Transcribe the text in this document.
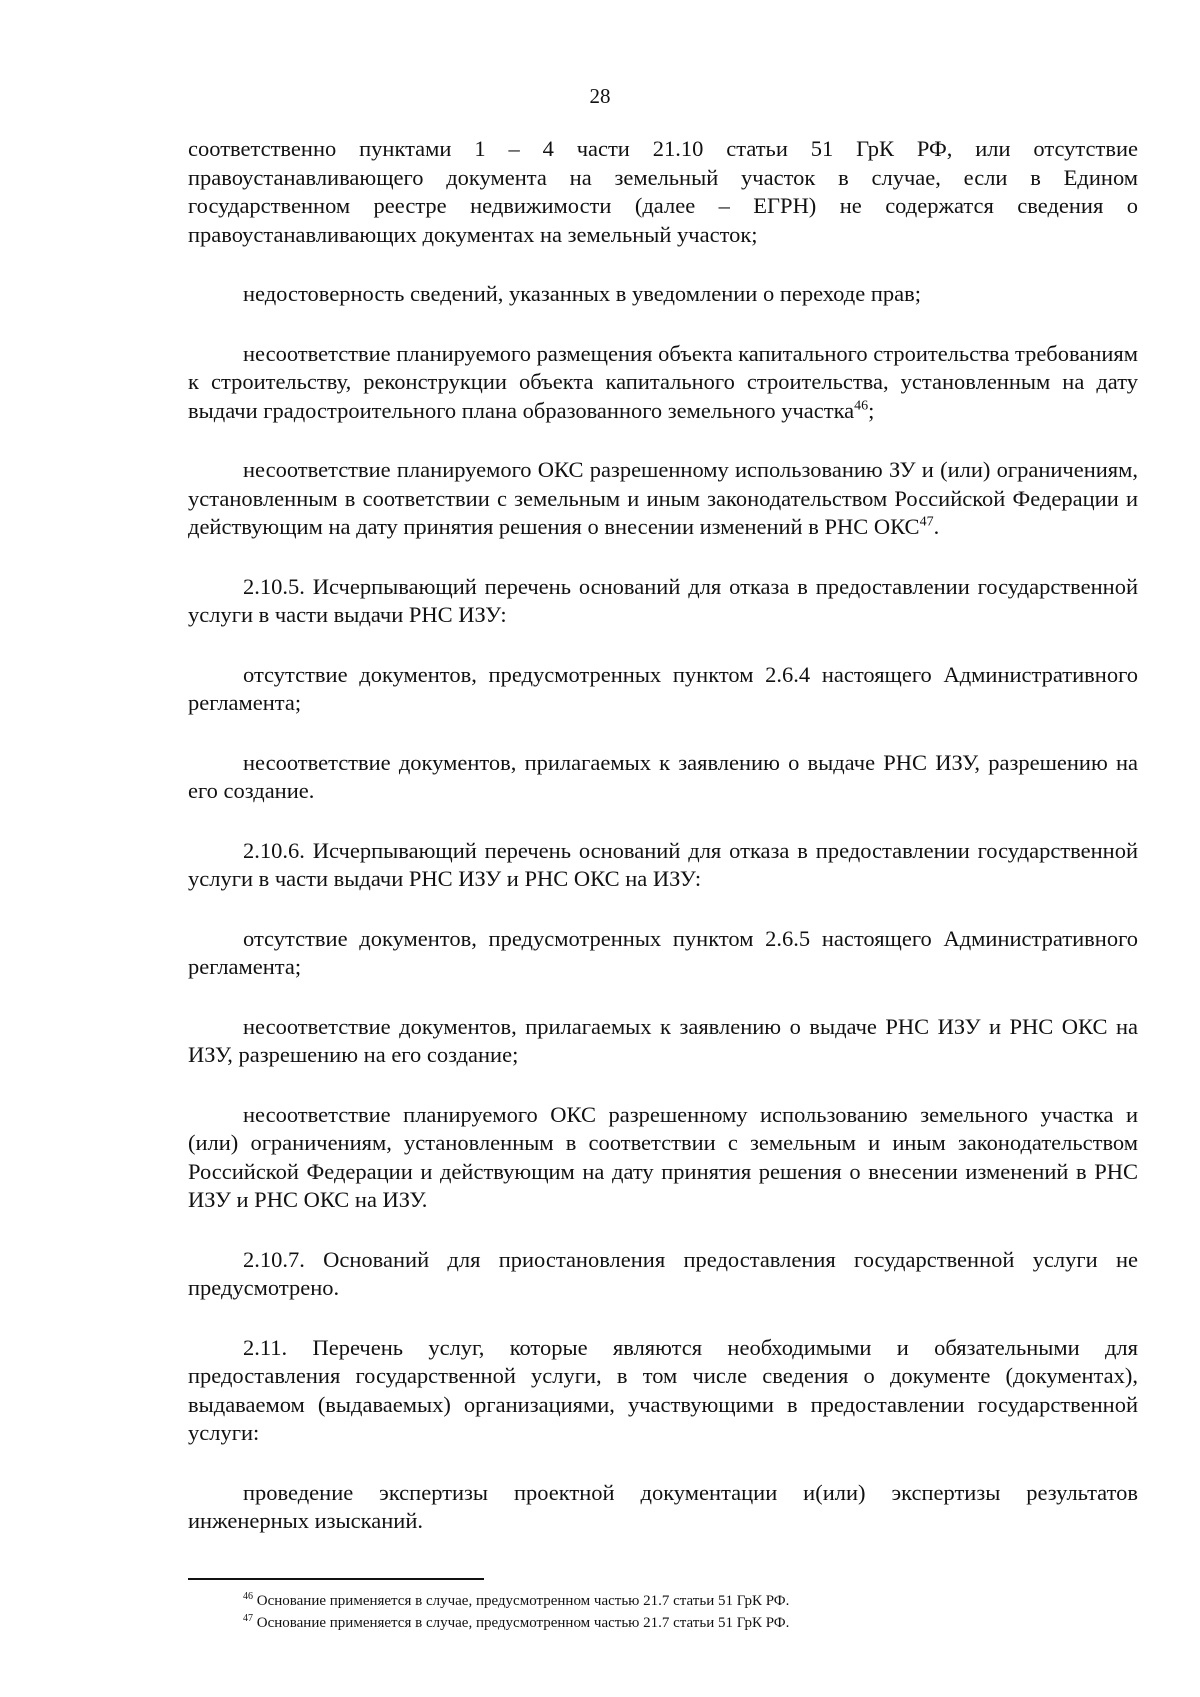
28

соответственно пунктами 1 – 4 части 21.10 статьи 51 ГрК РФ, или отсутствие правоустанавливающего документа на земельный участок в случае, если в Едином государственном реестре недвижимости (далее – ЕГРН) не содержатся сведения о правоустанавливающих документах на земельный участок;

недостоверность сведений, указанных в уведомлении о переходе прав;

несоответствие планируемого размещения объекта капитального строительства требованиям к строительству, реконструкции объекта капитального строительства, установленным на дату выдачи градостроительного плана образованного земельного участка$^{46}$;

несоответствие планируемого ОКС разрешенному использованию ЗУ и (или) ограничениям, установленным в соответствии с земельным и иным законодательством Российской Федерации и действующим на дату принятия решения о внесении изменений в РНС ОКС$^{47}$.

2.10.5. Исчерпывающий перечень оснований для отказа в предоставлении государственной услуги в части выдачи РНС ИЗУ:

отсутствие документов, предусмотренных пунктом 2.6.4 настоящего Административного регламента;

несоответствие документов, прилагаемых к заявлению о выдаче РНС ИЗУ, разрешению на его создание.

2.10.6. Исчерпывающий перечень оснований для отказа в предоставлении государственной услуги в части выдачи РНС ИЗУ и РНС ОКС на ИЗУ:

отсутствие документов, предусмотренных пунктом 2.6.5 настоящего Административного регламента;

несоответствие документов, прилагаемых к заявлению о выдаче РНС ИЗУ и РНС ОКС на ИЗУ, разрешению на его создание;

несоответствие планируемого ОКС разрешенному использованию земельного участка и (или) ограничениям, установленным в соответствии с земельным и иным законодательством Российской Федерации и действующим на дату принятия решения о внесении изменений в РНС ИЗУ и РНС ОКС на ИЗУ.

2.10.7. Оснований для приостановления предоставления государственной услуги не предусмотрено.

2.11. Перечень услуг, которые являются необходимыми и обязательными для предоставления государственной услуги, в том числе сведения о документе (документах), выдаваемом (выдаваемых) организациями, участвующими в предоставлении государственной услуги:

проведение экспертизы проектной документации и(или) экспертизы результатов инженерных изысканий.

$^{46}$ Основание применяется в случае, предусмотренном частью 21.7 статьи 51 ГрК РФ.

$^{47}$ Основание применяется в случае, предусмотренном частью 21.7 статьи 51 ГрК РФ.
